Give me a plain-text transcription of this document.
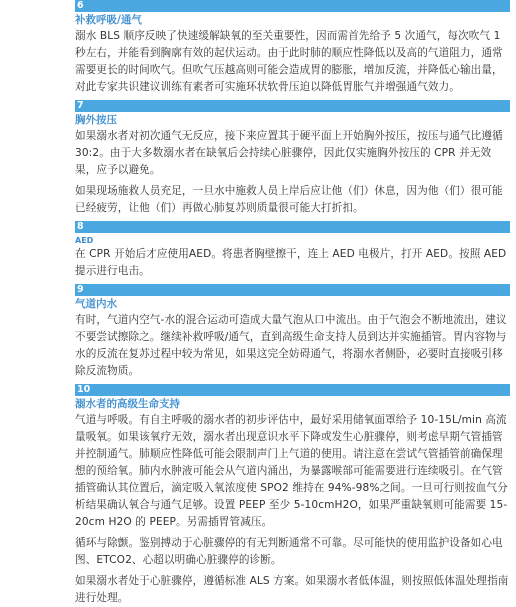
6
补救呼吸/通气

溺水 BLS 顺序反映了快速缓解缺氧的至关重要性，因而需首先给予 5 次通气，每次吹气 1 秒左右，并能看到胸廓有效的起伏运动。由于此时肺的顺应性降低以及高的气道阻力，通常需要更长的时间吹气。但吹气压越高则可能会造成胃的膨胀，增加反流，并降低心输出量，对此专家共识建议训练有素者可实施环状软骨压迫以降低胃胀气并增强通气效力。

7
胸外按压

如果溺水者对初次通气无反应，接下来应置其于硬平面上开始胸外按压，按压与通气比遵循 30:2。由于大多数溺水者在缺氧后会持续心脏骤停，因此仅实施胸外按压的 CPR 并无效果，应予以避免。

如果现场施救人员充足，一旦水中施救人员上岸后应让他（们）休息，因为他（们）很可能已经疲劳，让他（们）再做心肺复苏则质量很可能大打折扣。

8
AED

在 CPR 开始后才应使用AED。将患者胸壁擦干，连上 AED 电极片，打开 AED。按照 AED 提示进行电击。

9
气道内水

有时，气道内空气-水的混合运动可造成大量气泡从口中流出。由于气泡会不断地流出，建议不要尝试擦除之。继续补救呼吸/通气，直到高级生命支持人员到达并实施插管。胃内容物与水的反流在复苏过程中较为常见，如果这完全妨碍通气，将溺水者侧卧，必要时直接吸引移除反流物质。

10
溺水者的高级生命支持

气道与呼吸。有自主呼吸的溺水者的初步评估中，最好采用储氧面罩给予 10-15L/min 高流量吸氧。如果该氧疗无效，溺水者出现意识水平下降或发生心脏骤停，则考虑早期气管插管并控制通气。肺顺应性降低可能会限制声门上气道的使用。请注意在尝试气管插管前确保理想的预给氧。肺内水肿液可能会从气道内涌出，为暴露喉部可能需要进行连续吸引。在气管插管确认其位置后，滴定吸入氧浓度使 SPO2 维持在 94%-98%之间。一旦可行则按血气分析结果确认氧合与通气足够。设置 PEEP 至少 5-10cmH2O，如果严重缺氧则可能需要 15-20cm H2O 的 PEEP。另需插胃管减压。

循环与除颤。鉴别搏动于心脏骤停的有无判断通常不可靠。尽可能快的使用监护设备如心电图、ETCO2、心超以明确心脏骤停的诊断。

如果溺水者处于心脏骤停，遵循标准 ALS 方案。如果溺水者低体温，则按照低体温处理指南进行处理。
